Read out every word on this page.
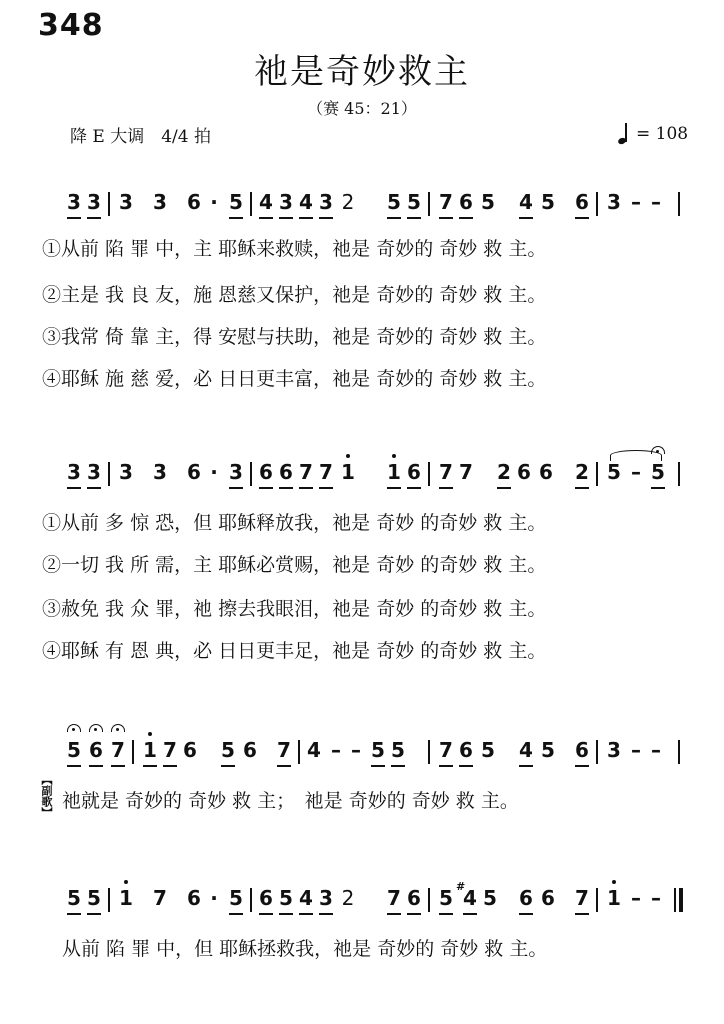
348
祂是奇妙救主
（赛 45：21）
降 E 大调　4/4 拍	= 108
3 3 3 3 6 · 5 4 3 4 3 2 5 5 7 6 5 4 5 6 3 – –
①从前 陷 罪 中，主 耶稣来救赎，祂是 奇妙的 奇妙 救 主。
②主是 我 良 友，施 恩慈又保护，祂是 奇妙的 奇妙 救 主。
③我常 倚 靠 主，得 安慰与扶助，祂是 奇妙的 奇妙 救 主。
④耶稣 施 慈 爱，必 日日更丰富，祂是 奇妙的 奇妙 救 主。
3 3 3 3 6 · 3 6 6 7 7 1 1 6 7 7 2 6 6 2 5 – 5
①从前 多 惊 恐，但 耶稣释放我，祂是 奇妙 的奇妙 救 主。
②一切 我 所 需，主 耶稣必赏赐，祂是 奇妙 的奇妙 救 主。
③赦免 我 众 罪，祂 擦去我眼泪，祂是 奇妙 的奇妙 救 主。
④耶稣 有 恩 典，必 日日更丰足，祂是 奇妙 的奇妙 救 主。
5 6 7 1 7 6 5 6 7 4 – – 5 5 7 6 5 4 5 6 3 – –
【副歌】 祂就是 奇妙的 奇妙 救 主；　祂是 奇妙的 奇妙 救 主。
5 5 1 7 6 · 5 6 5 4 3 2 7 6 5 4
# 5 6 6 7 1 – –
从前 陷 罪 中，但 耶稣拯救我，祂是 奇妙的 奇妙 救 主。
